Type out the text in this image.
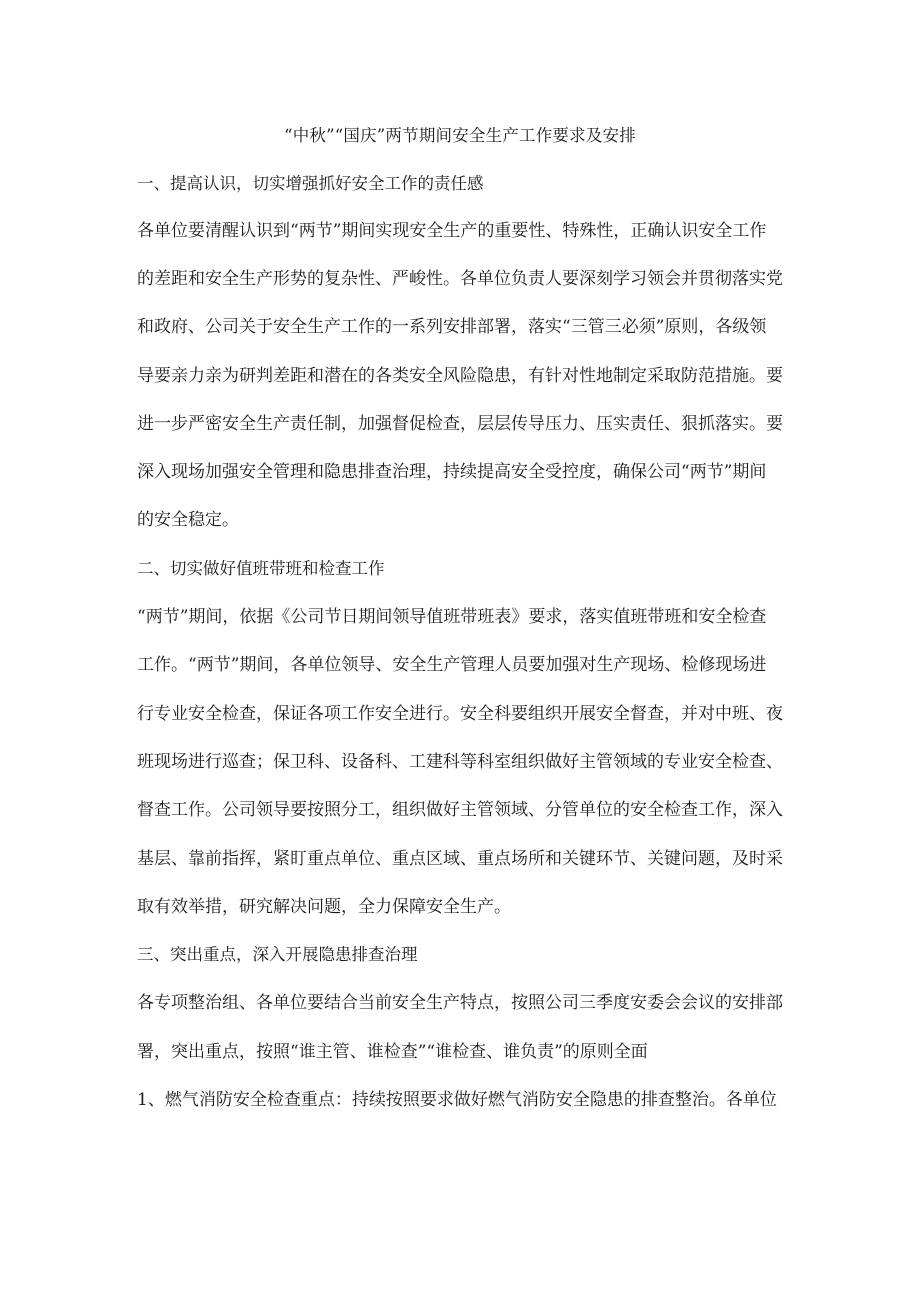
“中秋”“国庆”两节期间安全生产工作要求及安排
一、提高认识，切实增强抓好安全工作的责任感
各单位要清醒认识到“两节”期间实现安全生产的重要性、特殊性，正确认识安全工作
的差距和安全生产形势的复杂性、严峻性。各单位负责人要深刻学习领会并贯彻落实党
和政府、公司关于安全生产工作的一系列安排部署，落实“三管三必须”原则，各级领
导要亲力亲为研判差距和潜在的各类安全风险隐患，有针对性地制定采取防范措施。要
进一步严密安全生产责任制，加强督促检查，层层传导压力、压实责任、狠抓落实。要
深入现场加强安全管理和隐患排查治理，持续提高安全受控度，确保公司“两节”期间
的安全稳定。
二、切实做好值班带班和检查工作
“两节”期间，依据《公司节日期间领导值班带班表》要求，落实值班带班和安全检查
工作。“两节”期间，各单位领导、安全生产管理人员要加强对生产现场、检修现场进
行专业安全检查，保证各项工作安全进行。安全科要组织开展安全督查，并对中班、夜
班现场进行巡查；保卫科、设备科、工建科等科室组织做好主管领域的专业安全检查、
督查工作。公司领导要按照分工，组织做好主管领域、分管单位的安全检查工作，深入
基层、靠前指挥，紧盯重点单位、重点区域、重点场所和关键环节、关键问题，及时采
取有效举措，研究解决问题，全力保障安全生产。
三、突出重点，深入开展隐患排查治理
各专项整治组、各单位要结合当前安全生产特点，按照公司三季度安委会会议的安排部
署，突出重点，按照“谁主管、谁检查”“谁检查、谁负责”的原则全面
1、燃气消防安全检查重点：持续按照要求做好燃气消防安全隐患的排查整治。各单位
